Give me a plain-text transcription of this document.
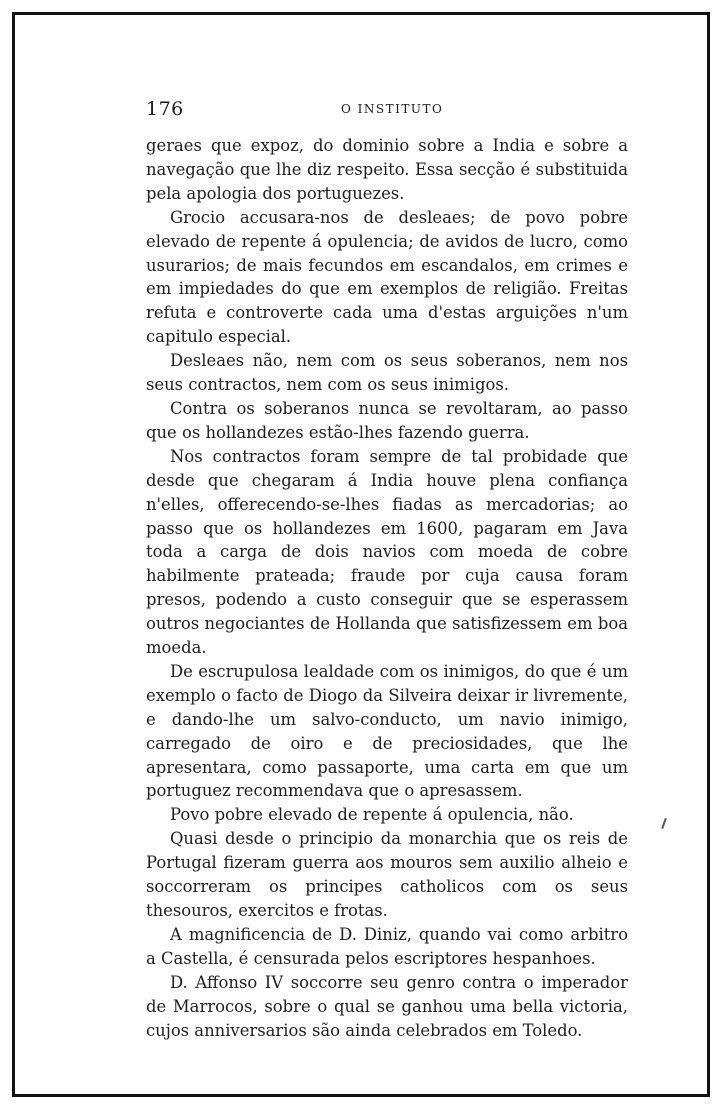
176	O INSTITUTO

geraes que expoz, do dominio sobre a India e sobre a navegação que lhe diz respeito. Essa secção é substituida pela apologia dos portuguezes.

Grocio accusara-nos de desleaes; de povo pobre elevado de repente á opulencia; de avidos de lucro, como usurarios; de mais fecundos em escandalos, em crimes e em impiedades do que em exemplos de religião. Freitas refuta e controverte cada uma d'estas arguições n'um capitulo especial.

Desleaes não, nem com os seus soberanos, nem nos seus contractos, nem com os seus inimigos.

Contra os soberanos nunca se revoltaram, ao passo que os hollandezes estão-lhes fazendo guerra.

Nos contractos foram sempre de tal probidade que desde que chegaram á India houve plena confiança n'elles, offerecendo-se-lhes fiadas as mercadorias; ao passo que os hollandezes em 1600, pagaram em Java toda a carga de dois navios com moeda de cobre habilmente prateada; fraude por cuja causa foram presos, podendo a custo conseguir que se esperassem outros negociantes de Hollanda que satisfizessem em boa moeda.

De escrupulosa lealdade com os inimigos, do que é um exemplo o facto de Diogo da Silveira deixar ir livremente, e dando-lhe um salvo-conducto, um navio inimigo, carregado de oiro e de preciosidades, que lhe apresentara, como passaporte, uma carta em que um portuguez recommendava que o apresassem.

Povo pobre elevado de repente á opulencia, não.

Quasi desde o principio da monarchia que os reis de Portugal fizeram guerra aos mouros sem auxilio alheio e soccorreram os principes catholicos com os seus thesouros, exercitos e frotas.

A magnificencia de D. Diniz, quando vai como arbitro a Castella, é censurada pelos escriptores hespanhoes.

D. Affonso IV soccorre seu genro contra o imperador de Marrocos, sobre o qual se ganhou uma bella victoria, cujos anniversarios são ainda celebrados em Toledo.
